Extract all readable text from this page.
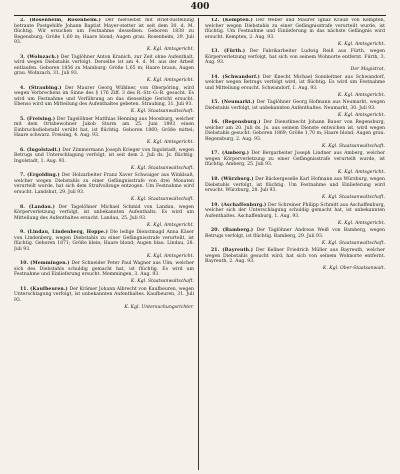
400

2. (Rosenheim, Rosenheim.) Der hierselbst mit Brief-zustellung betraute Postgehilfe Johann Baptist Mayer-stetter ist seit dem 30. d. M. flüchtig. Wir ersuchen um Festnahme desselben. Geboren 1838 zu Regensburg; Größe 1,60 m; Haare blond; Augen grau. Rosenheim, 29. Juli 93.

K. Kgl. Amtsgericht.

3. (Wolnzach.) Der Taglöhner Anton Kranich, zur Zeit ohne Aufenthalt, wird wegen Diebstahls verfolgt. Derselbe ist am 4. d. M. aus der Arbeit entlaufen. Geboren 1856 zu Mainburg; Größe 1,65 m; Haare braun, Augen grau. Wolnzach, 31. Juli 93.

K. Kgl. Amtsgericht.

4. (Straubing.) Der Maurer Georg Wühlner, von Oberpöring, wird wegen Verbrechens im Sinne des § 176 Ziff. 3 des R.-Str.-G.-B. gesucht. Es wird um Festnahme und Vorführung an das diesseitige Gericht ersucht. Ebenso wird um Mitteilung des Aufenthaltes gebeten. Straubing, 31. Juli 93.

K. Kgl. Staatsanwaltschaft.

5. (Freising.) Der Tagelöhner Matthias Henning aus Moosburg, welcher mit dem Ortsbewohner Jakob Sturm am 25. Juni 1893 einen Einbruchsdiebstahl verübt hat, ist flüchtig. Geboren 1860; Größe mittel; Haare schwarz. Freising, 4. Aug. 93.

K. Kgl. Amtsgericht.

6. (Ingolstadt.) Der Zimmermann Joseph Krieger von Ingolstadt, wegen Betrugs und Unterschlagung verfolgt, ist seit dem 2. Juli ds. Js. flüchtig. Ingolstadt, 1. Aug. 93.

K. Kgl. Staatsanwaltschaft.

7. (Ergolding.) Der Holzarbeiter Franz Xaver Schwaiger aus Winklsaß, welcher wegen Diebstahls zu einer Gefängnisstrafe von drei Monaten verurteilt wurde, hat sich dem Strafvollzuge entzogen. Um Festnahme wird ersucht. Landshut, 29. Juli 93.

K. Kgl. Staatsanwaltschaft.

8. (Landau.) Der Tagelöhner Michael Schmid von Landau, wegen Körperverletzung verfolgt, ist unbekannten Aufenthalts. Es wird um Mitteilung des Aufenthaltes ersucht. Landau, 25. Juli 93.

K. Kgl. Amtsgericht.

9. (Lindau, Lindenberg, Hoppe.) Die ledige Dienstmagd Anna Käser von Lindenberg, wegen Diebstahls zu einer Gefängnisstrafe verurteilt, ist flüchtig. Geboren 1871; Größe klein; Haare blond; Augen blau. Lindau, 28. Juli 93.

K. Kgl. Amtsgericht.

10. (Memmingen.) Der Schneider Peter Paul Wagner aus Ulm, welcher sich des Diebstahls schuldig gemacht hat, ist flüchtig. Es wird um Festnahme und Einlieferung ersucht. Memmingen, 3. Aug. 93.

K. Kgl. Staatsanwaltschaft.

11. (Kaufbeuren.) Der Krämer Johann Albrecht von Kaufbeuren, wegen Unterschlagung verfolgt, ist unbekannten Aufenthaltes. Kaufbeuren, 31. Juli 93.

K. Kgl. Untersuchungsrichter.

12. (Kempten.) Der Weber und Maurer Ignaz Krauß von Kempten, welcher wegen Diebstahls zu einer Gefängnisstrafe verurteilt wurde, ist flüchtig. Um Festnahme und Einlieferung in das nächste Gefängnis wird ersucht. Kempten, 2. Aug. 93.

K. Kgl. Amtsgericht.

13. (Fürth.) Der Fabrikarbeiter Ludwig Reiß aus Fürth, wegen Körperverletzung verfolgt, hat sich von seinem Wohnorte entfernt. Fürth, 3. Aug. 93.

Der Magistrat.

14. (Schwandorf.) Der Knecht Michael Sonnleitner aus Schwandorf, welcher wegen Betrugs verfolgt wird, ist flüchtig. Es wird um Festnahme und Mitteilung ersucht. Schwandorf, 1. Aug. 93.

K. Kgl. Amtsgericht.

15. (Neumarkt.) Der Taglöhner Georg Hofmann aus Neumarkt, wegen Diebstahls verfolgt, ist unbekannten Aufenthaltes. Neumarkt, 30. Juli 93.

K. Kgl. Amtsgericht.

16. (Regensburg.) Der Dienstknecht Johann Bauer von Regensburg, welcher am 20. Juli ds. Js. aus seinem Dienste entwichen ist, wird wegen Diebstahls gesucht. Geboren 1869; Größe 1,70 m; Haare blond; Augen grau. Regensburg, 2. Aug. 93.

K. Kgl. Staatsanwaltschaft.

17. (Amberg.) Der Bergarbeiter Joseph Lindner aus Amberg, welcher wegen Körperverletzung zu einer Gefängnisstrafe verurteilt wurde, ist flüchtig. Amberg, 25. Juli 93.

K. Kgl. Amtsgericht.

18. (Würzburg.) Der Bäckergeselle Karl Hofmann aus Würzburg, wegen Diebstahls verfolgt, ist flüchtig. Um Festnahme und Einlieferung wird ersucht. Würzburg, 28. Juli 93.

K. Kgl. Staatsanwaltschaft.

19. (Aschaffenburg.) Der Schreiner Philipp Schmitt aus Aschaffenburg, welcher sich der Unterschlagung schuldig gemacht hat, ist unbekannten Aufenthaltes. Aschaffenburg, 1. Aug. 93.

K. Kgl. Amtsgericht.

20. (Bamberg.) Der Taglöhner Andreas Weiß von Bamberg, wegen Betrugs verfolgt, ist flüchtig. Bamberg, 29. Juli 93.

K. Kgl. Staatsanwaltschaft.

21. (Bayreuth.) Der Kellner Friedrich Müller aus Bayreuth, welcher wegen Diebstahls gesucht wird, hat sich von seinem Wohnorte entfernt. Bayreuth, 2. Aug. 93.

K. Kgl. Ober-Staatsanwalt.
